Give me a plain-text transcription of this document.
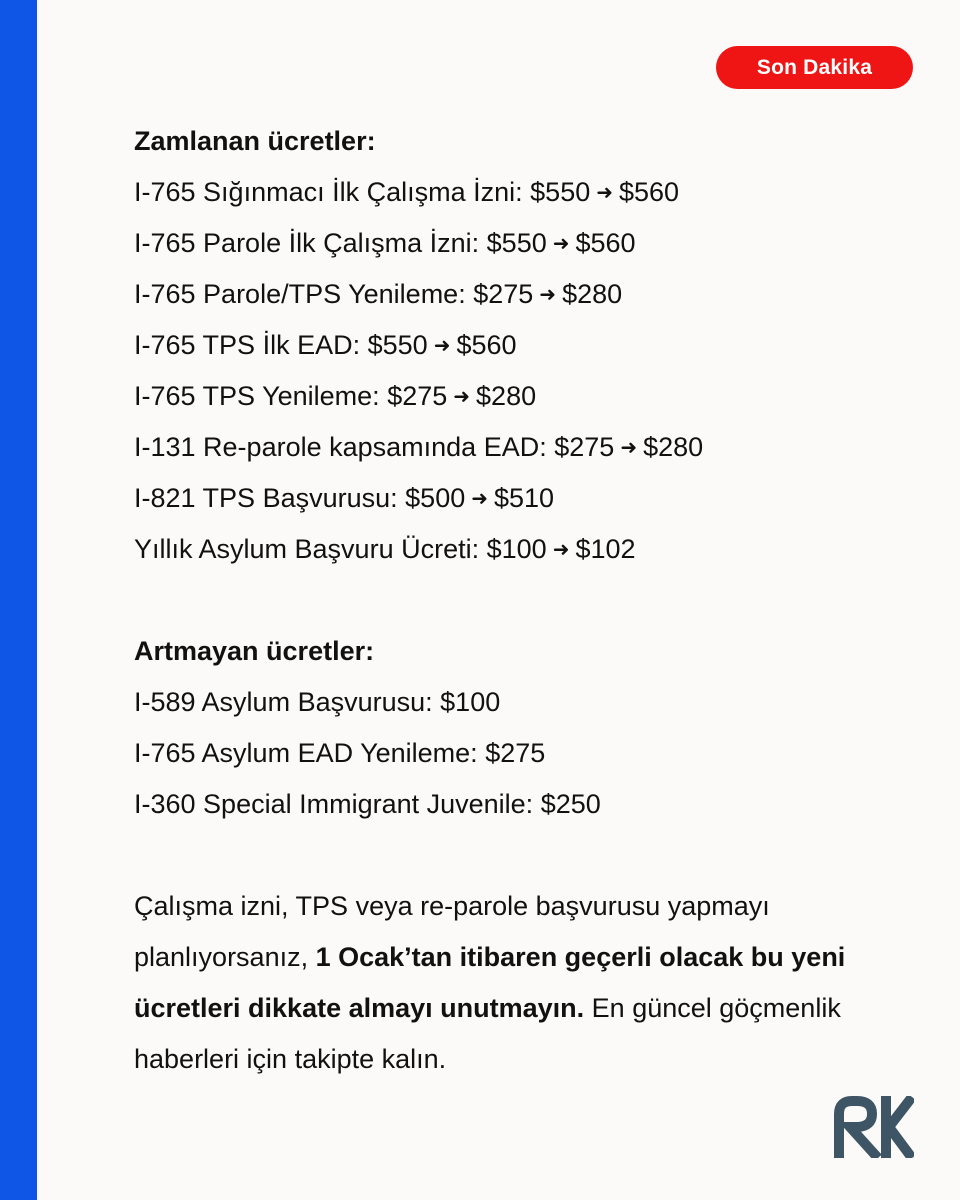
Son Dakika
Zamlanan ücretler:
I-765 Sığınmacı İlk Çalışma İzni: $550 ➜ $560
I-765 Parole İlk Çalışma İzni: $550 ➜ $560
I-765 Parole/TPS Yenileme: $275 ➜ $280
I-765 TPS İlk EAD: $550 ➜ $560
I-765 TPS Yenileme: $275 ➜ $280
I-131 Re-parole kapsamında EAD: $275 ➜ $280
I-821 TPS Başvurusu: $500 ➜ $510
Yıllık Asylum Başvuru Ücreti: $100 ➜ $102
Artmayan ücretler:
I-589 Asylum Başvurusu: $100
I-765 Asylum EAD Yenileme: $275
I-360 Special Immigrant Juvenile: $250
Çalışma izni, TPS veya re-parole başvurusu yapmayı planlıyorsanız, 1 Ocak’tan itibaren geçerli olacak bu yeni ücretleri dikkate almayı unutmayın. En güncel göçmenlik haberleri için takipte kalın.
